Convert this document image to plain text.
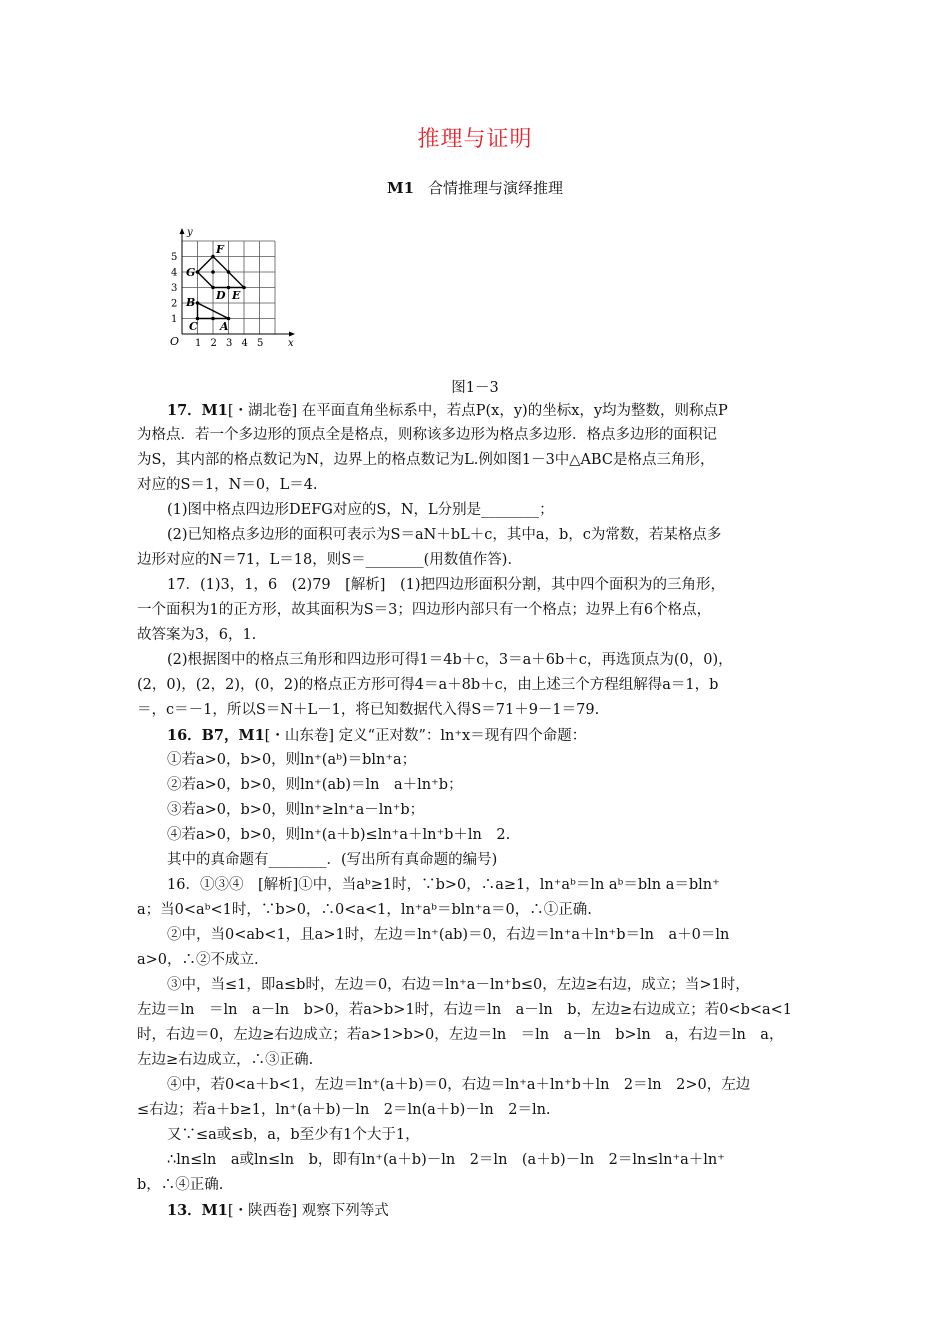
推理与证明
M1 合情推理与演绎推理
y
x
O
5
4
3
2
1
1 2 3 4 5
F
G
D E
B
C A
图1－3
17．M1[・湖北卷] 在平面直角坐标系中，若点P(x，y)的坐标x，y均为整数，则称点P
为格点．若一个多边形的顶点全是格点，则称该多边形为格点多边形．格点多边形的面积记
为S，其内部的格点数记为N，边界上的格点数记为L.例如图1－3中△ABC是格点三角形，
对应的S＝1，N＝0，L＝4.
(1)图中格点四边形DEFG对应的S，N，L分别是________；
(2)已知格点多边形的面积可表示为S＝aN＋bL＋c，其中a，b，c为常数，若某格点多
边形对应的N＝71，L＝18，则S＝________(用数值作答)．
17．(1)3，1，6　(2)79　[解析]　(1)把四边形面积分割，其中四个面积为的三角形，
一个面积为1的正方形，故其面积为S＝3；四边形内部只有一个格点；边界上有6个格点，
故答案为3，6，1.
(2)根据图中的格点三角形和四边形可得1＝4b＋c，3＝a＋6b＋c，再选顶点为(0，0)，
(2，0)，(2，2)，(0，2)的格点正方形可得4＝a＋8b＋c，由上述三个方程组解得a＝1，b
＝，c＝－1，所以S＝N＋L－1，将已知数据代入得S＝71＋9－1＝79.
16．B7，M1[・山东卷] 定义“正对数”：ln⁺x＝现有四个命题：
①若a>0，b>0，则ln⁺(aᵇ)＝bln⁺a；
②若a>0，b>0，则ln⁺(ab)＝ln　a＋ln⁺b；
③若a>0，b>0，则ln⁺≥ln⁺a－ln⁺b；
④若a>0，b>0，则ln⁺(a＋b)≤ln⁺a＋ln⁺b＋ln　2.
其中的真命题有________．(写出所有真命题的编号)
16．①③④　[解析]①中，当aᵇ≥1时，∵b>0，∴a≥1，ln⁺aᵇ＝ln aᵇ＝bln a＝bln⁺
a；当0<aᵇ<1时，∵b>0，∴0<a<1，ln⁺aᵇ＝bln⁺a＝0，∴①正确.
②中，当0<ab<1，且a>1时，左边＝ln⁺(ab)＝0，右边＝ln⁺a＋ln⁺b＝ln　a＋0＝ln
a>0，∴②不成立.
③中，当≤1，即a≤b时，左边＝0，右边＝ln⁺a－ln⁺b≤0，左边≥右边，成立；当>1时，
左边＝ln　＝ln　a－ln　b>0，若a>b>1时，右边＝ln　a－ln　b，左边≥右边成立；若0<b<a<1
时，右边＝0，左边≥右边成立；若a>1>b>0，左边＝ln　＝ln　a－ln　b>ln　a，右边＝ln　a，
左边≥右边成立，∴③正确.
④中，若0<a＋b<1，左边＝ln⁺(a＋b)＝0，右边＝ln⁺a＋ln⁺b＋ln　2＝ln　2>0，左边
≤右边；若a＋b≥1，ln⁺(a＋b)－ln　2＝ln(a＋b)－ln　2＝ln.
又∵≤a或≤b，a，b至少有1个大于1，
∴ln≤ln　a或ln≤ln　b，即有ln⁺(a＋b)－ln　2＝ln　(a＋b)－ln　2＝ln≤ln⁺a＋ln⁺
b，∴④正确.
13．M1[・陕西卷] 观察下列等式
